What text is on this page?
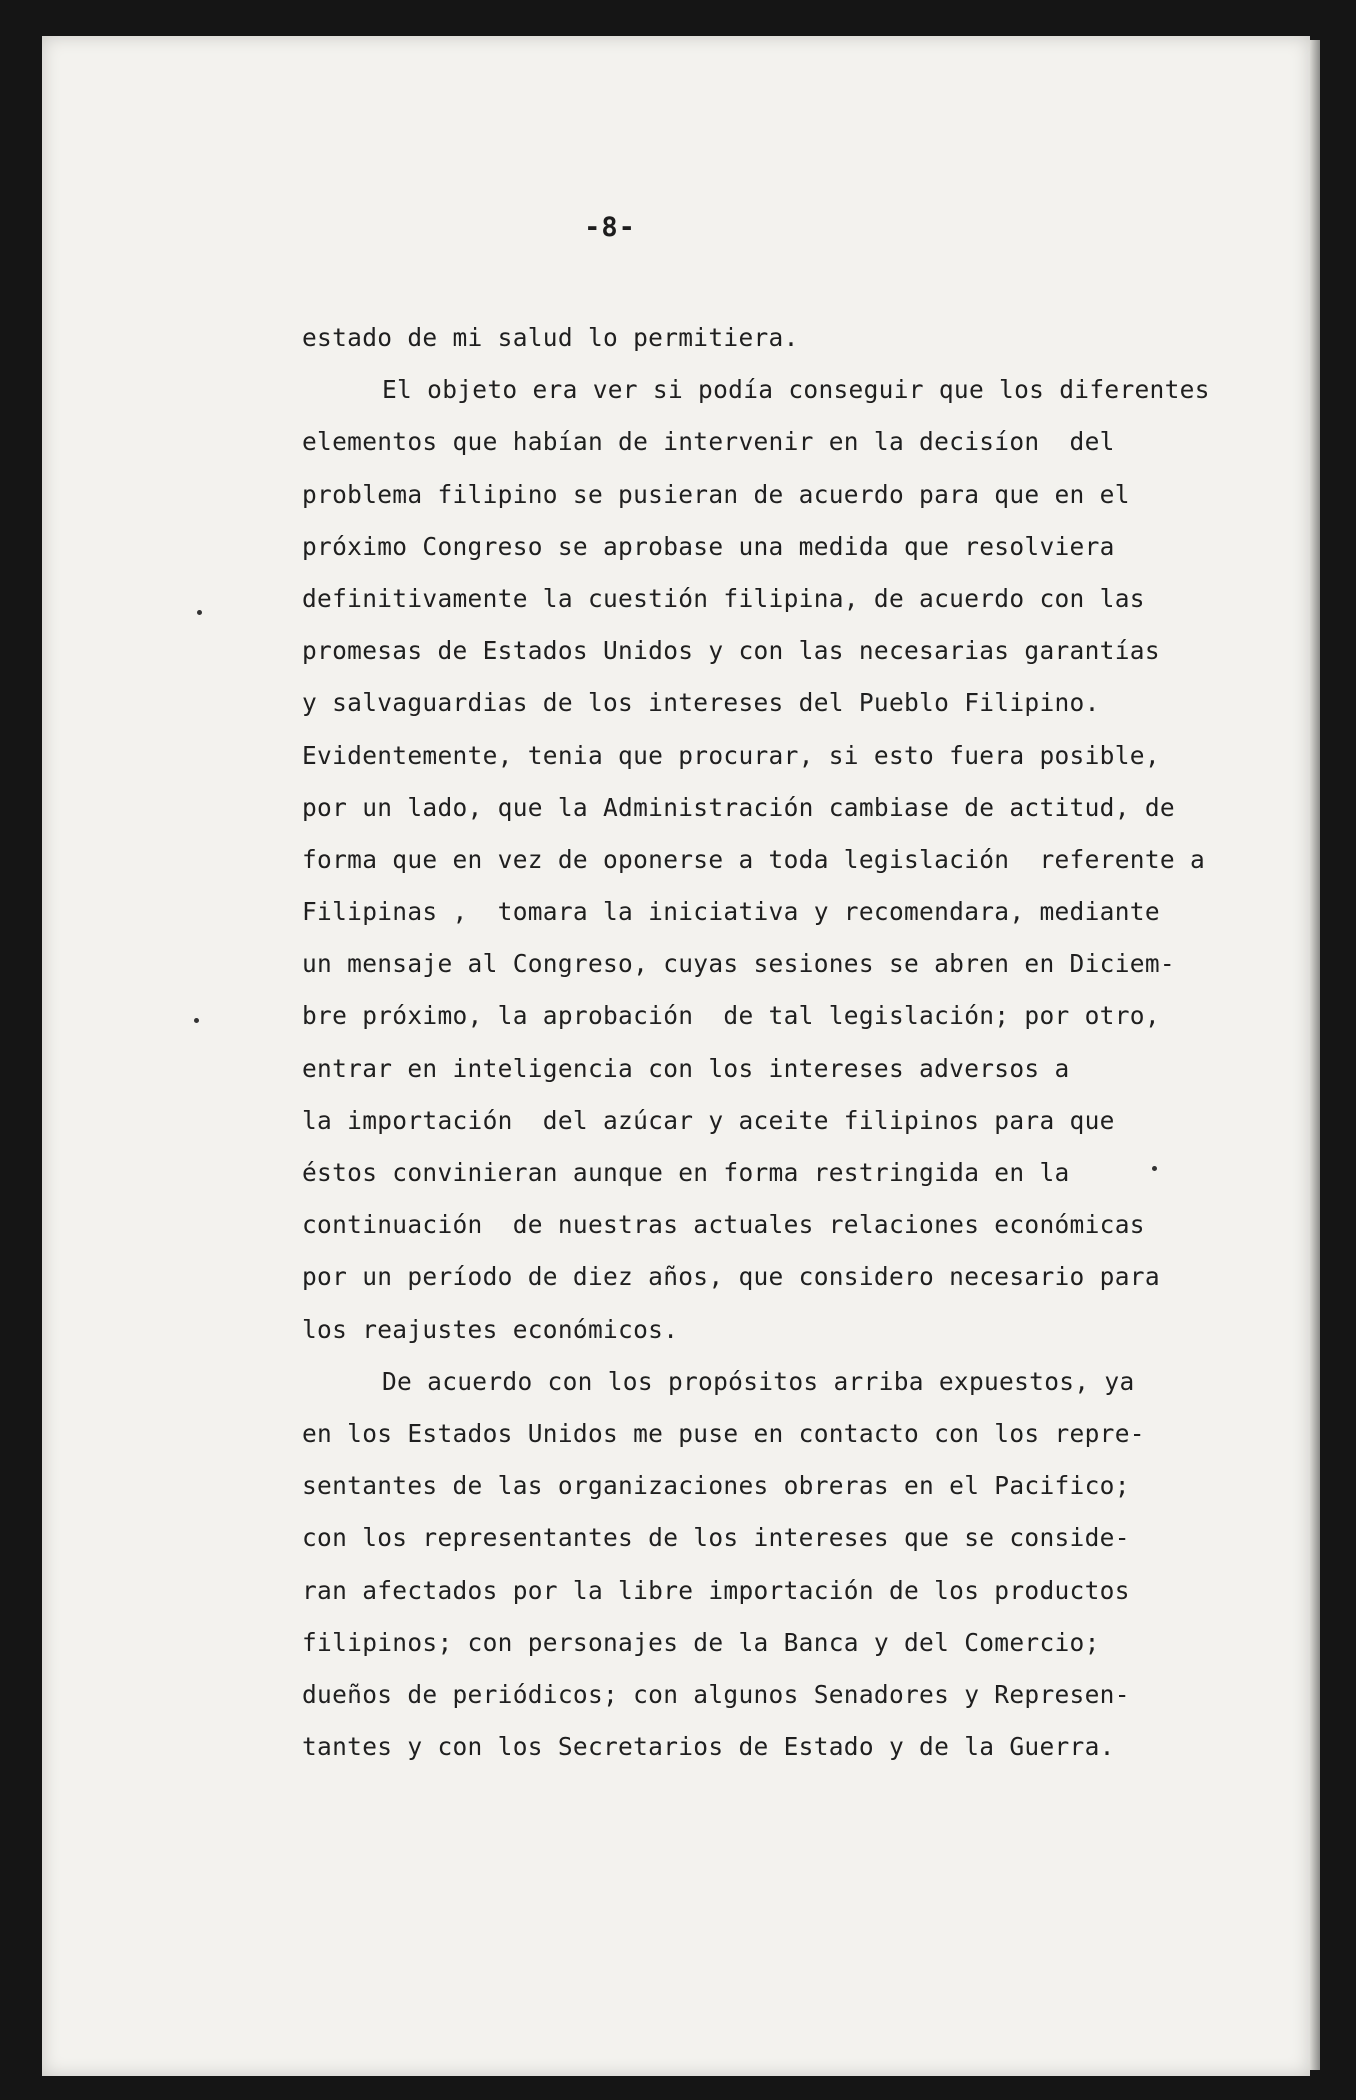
-8-
estado de mi salud lo permitiera.
El objeto era ver si podía conseguir que los diferentes
elementos que habían de intervenir en la decisíon  del
problema filipino se pusieran de acuerdo para que en el
próximo Congreso se aprobase una medida que resolviera
definitivamente la cuestión filipina, de acuerdo con las
promesas de Estados Unidos y con las necesarias garantías
y salvaguardias de los intereses del Pueblo Filipino.
Evidentemente, tenia que procurar, si esto fuera posible,
por un lado, que la Administración cambiase de actitud, de
forma que en vez de oponerse a toda legislación  referente a
Filipinas ,  tomara la iniciativa y recomendara, mediante
un mensaje al Congreso, cuyas sesiones se abren en Diciem-
bre próximo, la aprobación  de tal legislación; por otro,
entrar en inteligencia con los intereses adversos a
la importación  del azúcar y aceite filipinos para que
éstos convinieran aunque en forma restringida en la
continuación  de nuestras actuales relaciones económicas
por un período de diez años, que considero necesario para
los reajustes económicos.
De acuerdo con los propósitos arriba expuestos, ya
en los Estados Unidos me puse en contacto con los repre-
sentantes de las organizaciones obreras en el Pacifico;
con los representantes de los intereses que se conside-
ran afectados por la libre importación de los productos
filipinos; con personajes de la Banca y del Comercio;
dueños de periódicos; con algunos Senadores y Represen-
tantes y con los Secretarios de Estado y de la Guerra.
